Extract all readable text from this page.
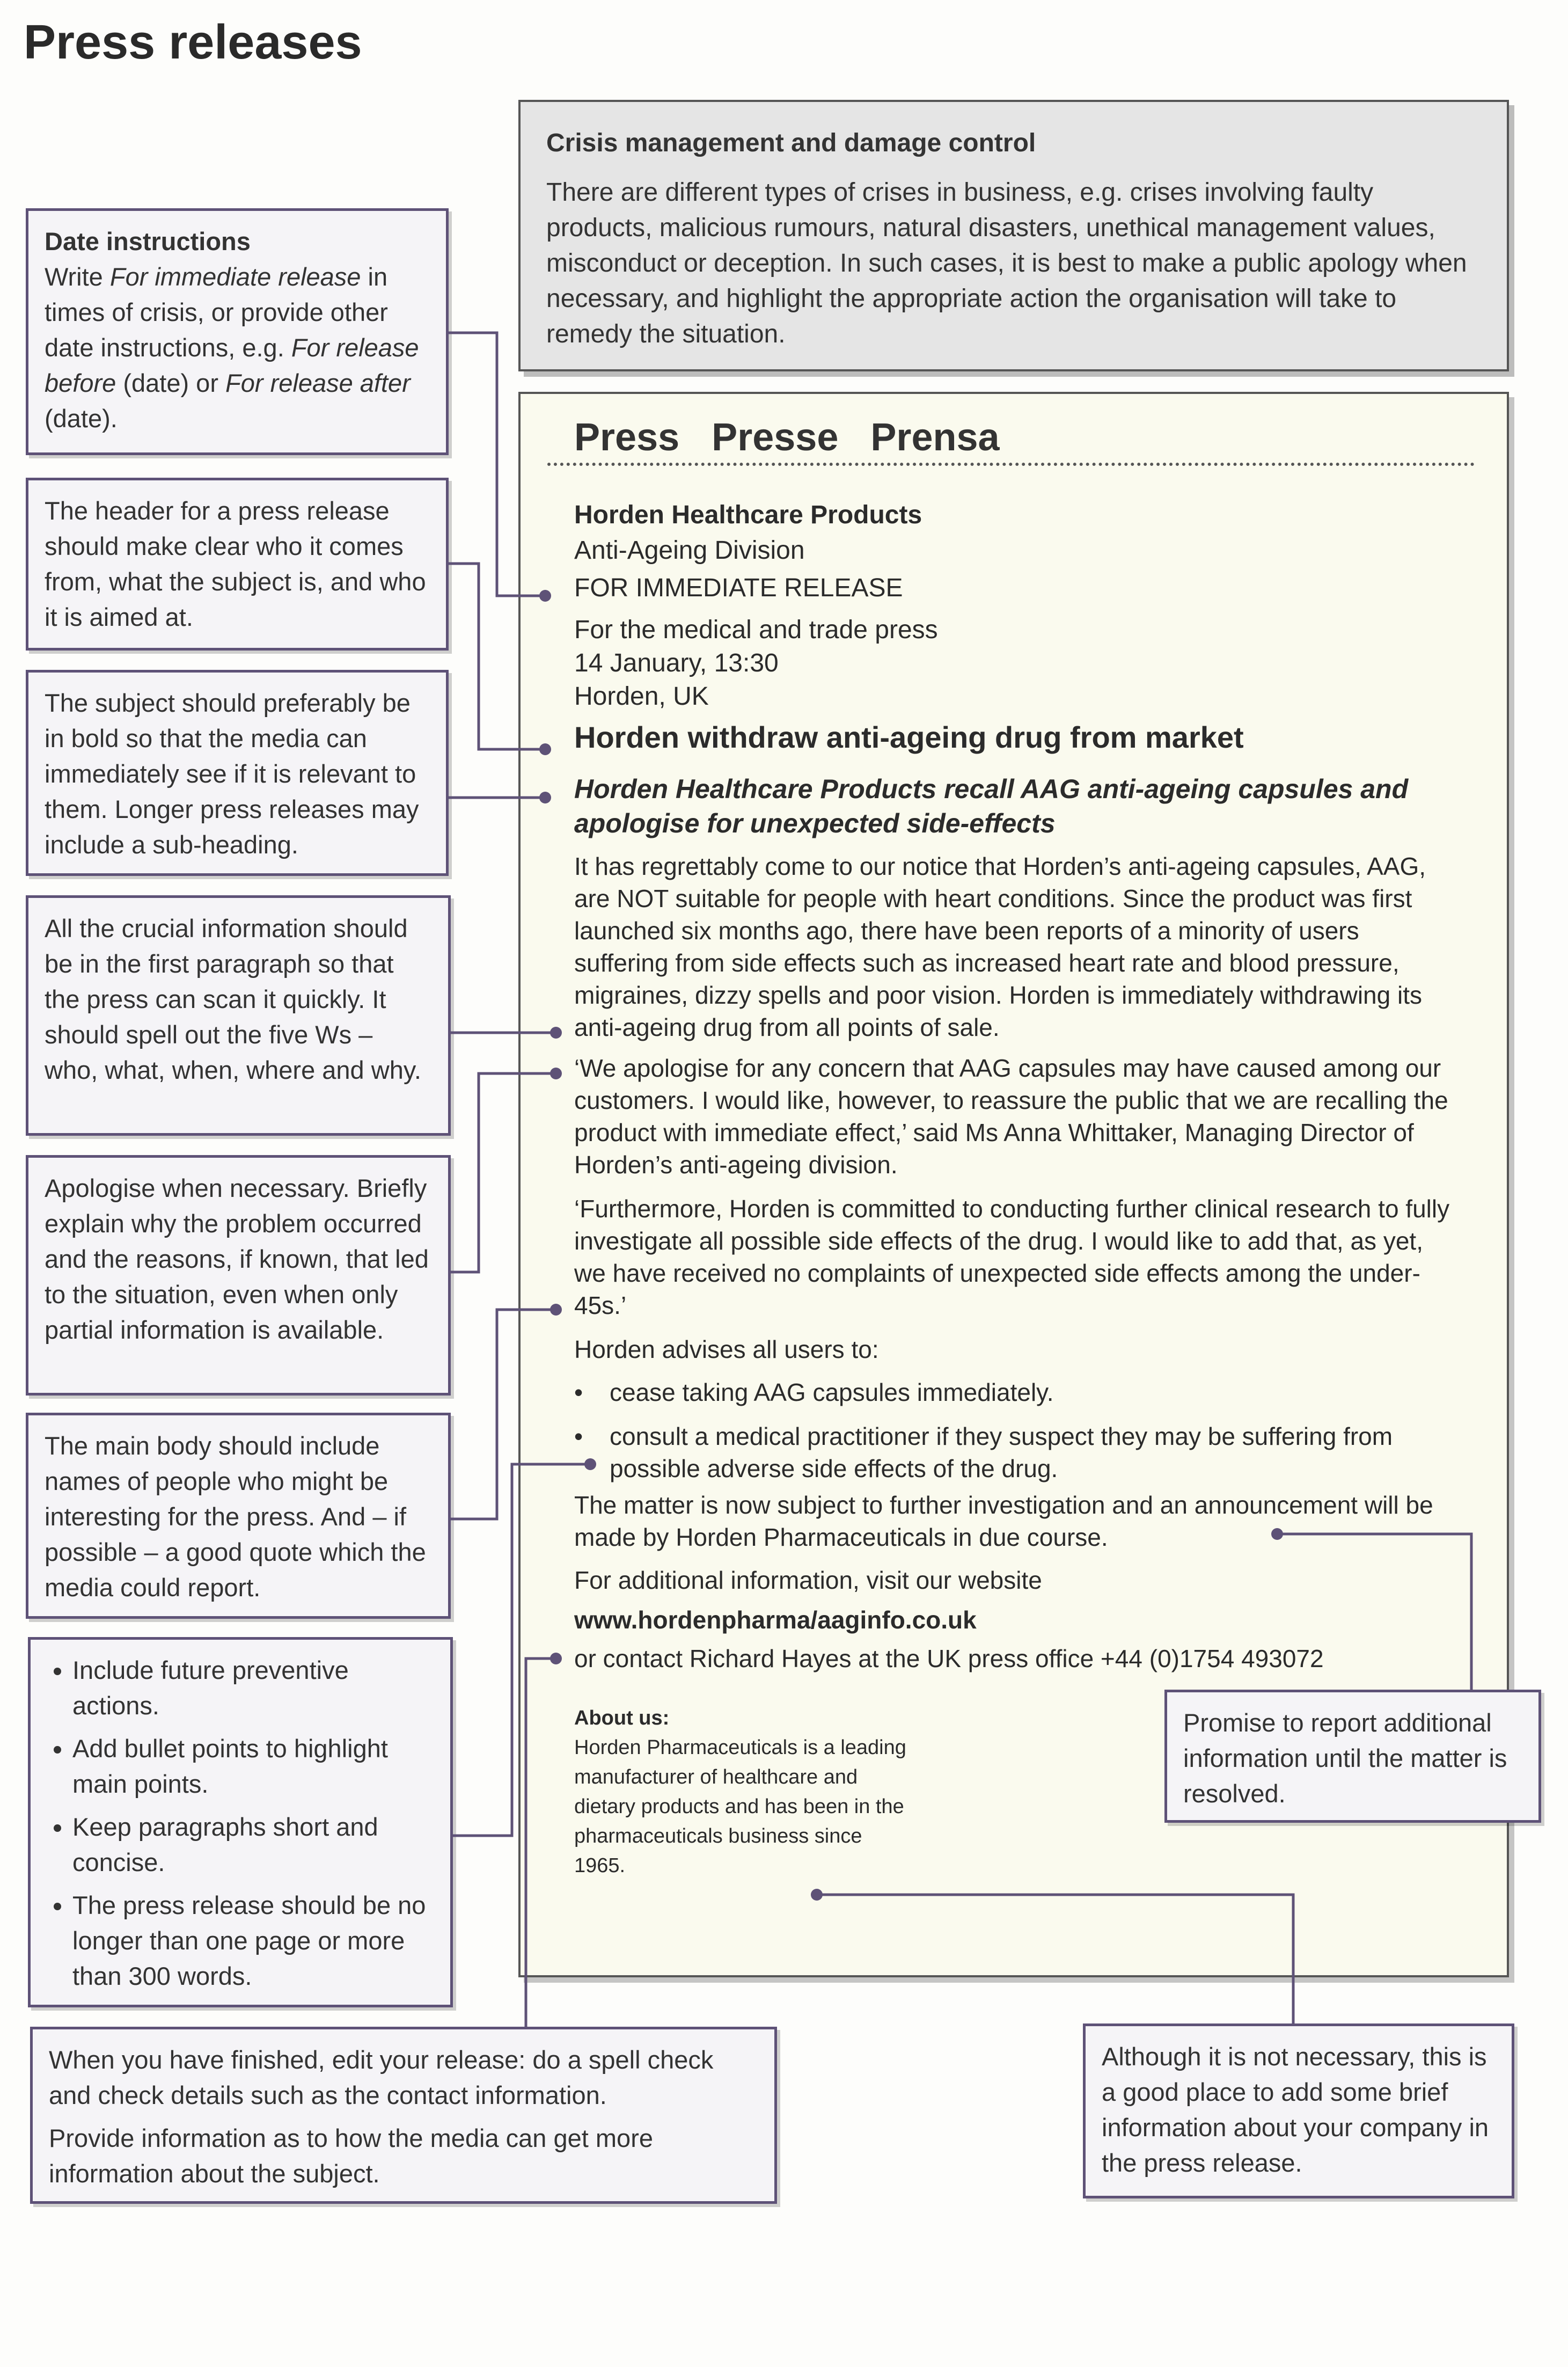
Press releases
Crisis management and damage control
There are different types of crises in business, e.g. crises involving faulty products, malicious rumours, natural disasters, unethical management values, misconduct or deception. In such cases, it is best to make a public apology when necessary, and highlight the appropriate action the organisation will take to remedy the situation.
Date instructions
Write For immediate release in times of crisis, or provide other date instructions, e.g. For release before (date) or For release after (date).

The header for a press release should make clear who it comes from, what the subject is, and who it is aimed at.

The subject should preferably be in bold so that the media can immediately see if it is relevant to them. Longer press releases may include a sub-heading.

All the crucial information should be in the first paragraph so that the press can scan it quickly. It should spell out the five Ws – who, what, when, where and why.

Apologise when necessary. Briefly explain why the problem occurred and the reasons, if known, that led to the situation, even when only partial information is available.

The main body should include names of people who might be interesting for the press. And – if possible – a good quote which the media could report.

• Include future preventive actions.
• Add bullet points to highlight main points.
• Keep paragraphs short and concise.
• The press release should be no longer than one page or more than 300 words.

When you have finished, edit your release: do a spell check and check details such as the contact information.

Provide information as to how the media can get more information about the subject.

Press Presse Prensa
Horden Healthcare Products
Anti-Ageing Division
FOR IMMEDIATE RELEASE
For the medical and trade press
14 January, 13:30
Horden, UK
Horden withdraw anti-ageing drug from market
Horden Healthcare Products recall AAG anti-ageing capsules and apologise for unexpected side-effects
It has regrettably come to our notice that Horden’s anti-ageing capsules, AAG, are NOT suitable for people with heart conditions. Since the product was first launched six months ago, there have been reports of a minority of users suffering from side effects such as increased heart rate and blood pressure, migraines, dizzy spells and poor vision. Horden is immediately withdrawing its anti-ageing drug from all points of sale.
‘We apologise for any concern that AAG capsules may have caused among our customers. I would like, however, to reassure the public that we are recalling the product with immediate effect,’ said Ms Anna Whittaker, Managing Director of Horden’s anti-ageing division.
‘Furthermore, Horden is committed to conducting further clinical research to fully investigate all possible side effects of the drug. I would like to add that, as yet, we have received no complaints of unexpected side effects among the under-45s.’
Horden advises all users to:
• cease taking AAG capsules immediately.
• consult a medical practitioner if they suspect they may be suffering from possible adverse side effects of the drug.
The matter is now subject to further investigation and an announcement will be made by Horden Pharmaceuticals in due course.
For additional information, visit our website
www.hordenpharma/aaginfo.co.uk
or contact Richard Hayes at the UK press office +44 (0)1754 493072
About us:
Horden Pharmaceuticals is a leading manufacturer of healthcare and dietary products and has been in the pharmaceuticals business since 1965.

Promise to report additional information until the matter is resolved.

Although it is not necessary, this is a good place to add some brief information about your company in the press release.
